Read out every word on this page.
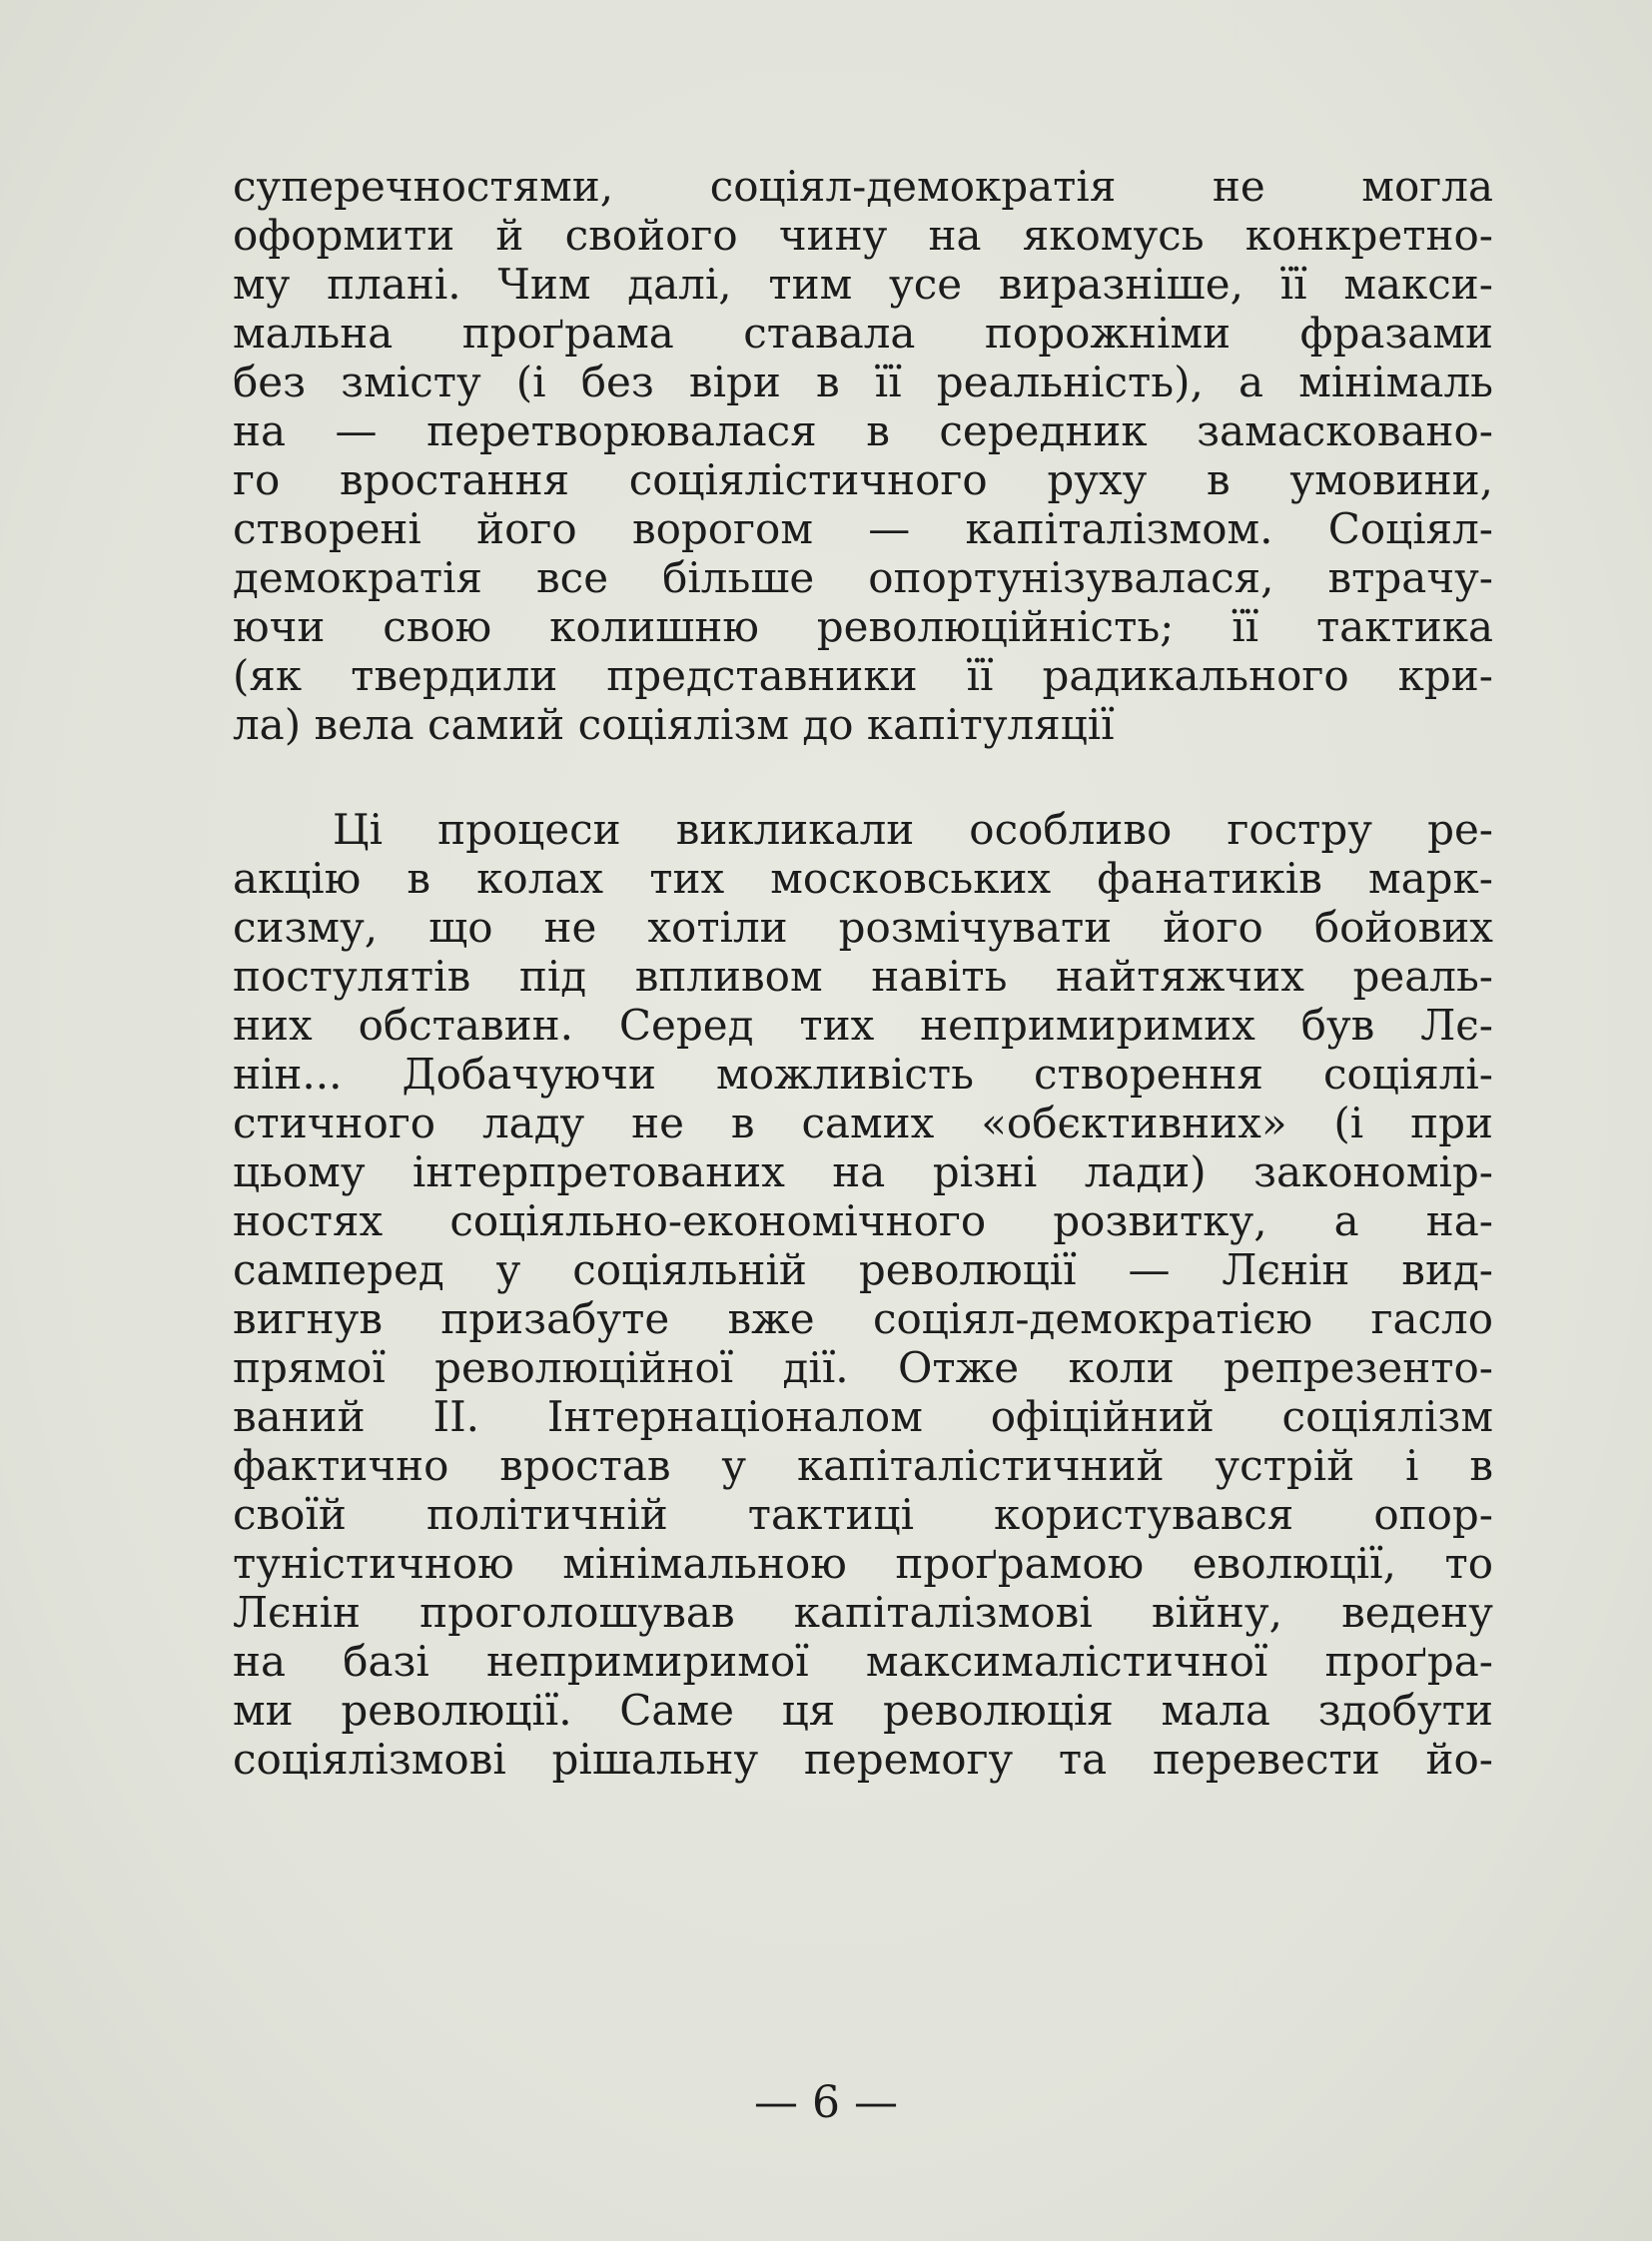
суперечностями, соціял-демократія не могла
оформити й свойого чину на якомусь конкретно-
му плані. Чим далі, тим усе виразніше, її макси-
мальна проґрама ставала порожніми фразами
без змісту (і без віри в її реальність), а мінімаль
на — перетворювалася в середник замасковано-
го вростання соціялістичного руху в умовини,
створені його ворогом — капіталізмом. Соціял-
демократія все більше опортунізувалася, втрачу-
ючи свою колишню революційність; її тактика
(як твердили представники її радикального кри-
ла) вела самий соціялізм до капітуляції
Ці процеси викликали особливо гостру ре-
акцію в колах тих московських фанатиків марк-
сизму, що не хотіли розмічувати його бойових
постулятів під впливом навіть найтяжчих реаль-
них обставин. Серед тих непримиримих був Лє-
нін... Добачуючи можливість створення соціялі-
стичного ладу не в самих «обєктивних» (і при
цьому інтерпретованих на різні лади) закономір-
ностях соціяльно-економічного розвитку, а на-
самперед у соціяльній революції — Лєнін вид-
вигнув призабуте вже соціял-демократією гасло
прямої революційної дії. Отже коли репрезенто-
ваний II. Інтернаціоналом офіційний соціялізм
фактично вростав у капіталістичний устрій і в
своїй політичній тактиці користувався опор-
туністичною мінімальною проґрамою еволюції, то
Лєнін проголошував капіталізмові війну, ведену
на базі непримиримої максималістичної проґра-
ми революції. Саме ця революція мала здобути
соціялізмові рішальну перемогу та перевести йо-
— 6 —
